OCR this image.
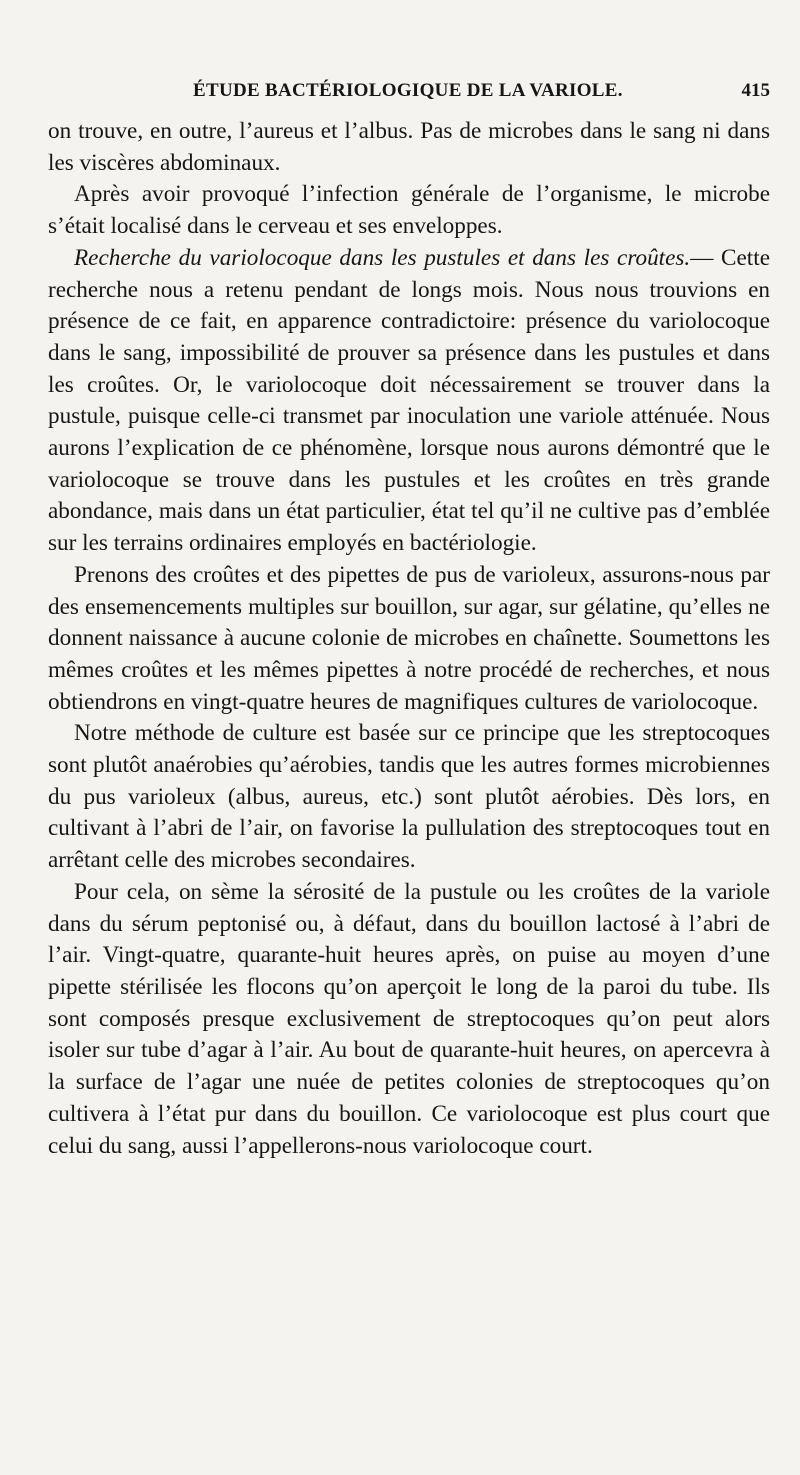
ÉTUDE BACTÉRIOLOGIQUE DE LA VARIOLE.	415

on trouve, en outre, l’aureus et l’albus. Pas de microbes dans le sang ni dans les viscères abdominaux.

Après avoir provoqué l’infection générale de l’organisme, le microbe s’était localisé dans le cerveau et ses enveloppes.

Recherche du variolocoque dans les pustules et dans les croûtes.— Cette recherche nous a retenu pendant de longs mois. Nous nous trouvions en présence de ce fait, en apparence contradictoire: présence du variolocoque dans le sang, impossibilité de prouver sa présence dans les pustules et dans les croûtes. Or, le variolocoque doit nécessairement se trouver dans la pustule, puisque celle-ci transmet par inoculation une variole atténuée. Nous aurons l’explication de ce phénomène, lorsque nous aurons démontré que le variolocoque se trouve dans les pustules et les croûtes en très grande abondance, mais dans un état particulier, état tel qu’il ne cultive pas d’emblée sur les terrains ordinaires employés en bactériologie.

Prenons des croûtes et des pipettes de pus de varioleux, assurons-nous par des ensemencements multiples sur bouillon, sur agar, sur gélatine, qu’elles ne donnent naissance à aucune colonie de microbes en chaînette. Soumettons les mêmes croûtes et les mêmes pipettes à notre procédé de recherches, et nous obtiendrons en vingt-quatre heures de magnifiques cultures de variolocoque.

Notre méthode de culture est basée sur ce principe que les streptocoques sont plutôt anaérobies qu’aérobies, tandis que les autres formes microbiennes du pus varioleux (albus, aureus, etc.) sont plutôt aérobies. Dès lors, en cultivant à l’abri de l’air, on favorise la pullulation des streptocoques tout en arrêtant celle des microbes secondaires.

Pour cela, on sème la sérosité de la pustule ou les croûtes de la variole dans du sérum peptonisé ou, à défaut, dans du bouillon lactosé à l’abri de l’air. Vingt-quatre, quarante-huit heures après, on puise au moyen d’une pipette stérilisée les flocons qu’on aperçoit le long de la paroi du tube. Ils sont composés presque exclusivement de streptocoques qu’on peut alors isoler sur tube d’agar à l’air. Au bout de quarante-huit heures, on apercevra à la surface de l’agar une nuée de petites colonies de streptocoques qu’on cultivera à l’état pur dans du bouillon. Ce variolocoque est plus court que celui du sang, aussi l’appellerons-nous variolocoque court.
